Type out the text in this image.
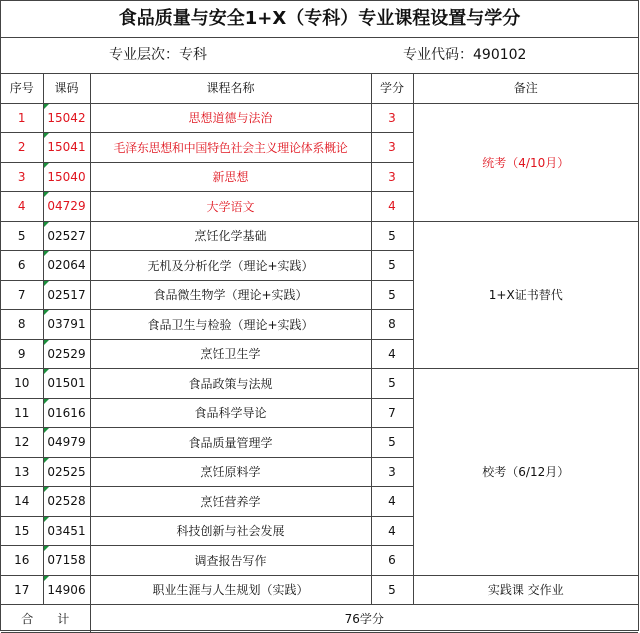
食品质量与安全1+X（专科）专业课程设置与学分
专业层次：专科	专业代码：490102
序号	课码	课程名称	学分	备注
1	15042	思想道德与法治	3	统考（4/10月）
2	15041	毛泽东思想和中国特色社会主义理论体系概论	3	
3	15040	新思想	3	
4	04729	大学语文	4	
5	02527	烹饪化学基础	5	1+X证书替代
6	02064	无机及分析化学（理论+实践）	5	
7	02517	食品微生物学（理论+实践）	5	
8	03791	食品卫生与检验（理论+实践）	8	
9	02529	烹饪卫生学	4	
10	01501	食品政策与法规	5	校考（6/12月）
11	01616	食品科学导论	7	
12	04979	食品质量管理学	5	
13	02525	烹饪原料学	3	
14	02528	烹饪营养学	4	
15	03451	科技创新与社会发展	4	
16	07158	调查报告写作	6	
17	14906	职业生涯与人生规划（实践）	5	实践课 交作业
合　　计		76学分		
